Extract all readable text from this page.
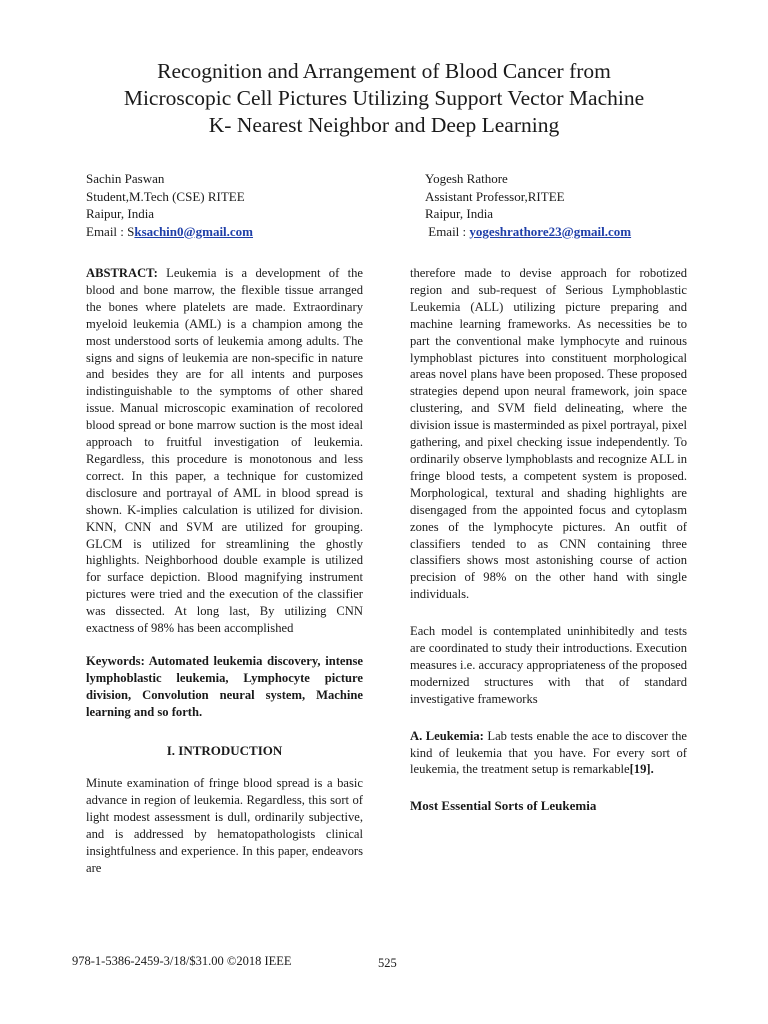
Recognition and Arrangement of Blood Cancer from
Microscopic Cell Pictures Utilizing Support Vector Machine
K- Nearest Neighbor and Deep Learning
Sachin Paswan
Student,M.Tech (CSE) RITEE
Raipur, India
Email : Sksachin0@gmail.com
Yogesh Rathore
Assistant Professor,RITEE
Raipur, India
Email : yogeshrathore23@gmail.com

ABSTRACT: Leukemia is a development of the blood and bone marrow, the flexible tissue arranged the bones where platelets are made. Extraordinary myeloid leukemia (AML) is a champion among the most understood sorts of leukemia among adults. The signs and signs of leukemia are non-specific in nature and besides they are for all intents and purposes indistinguishable to the symptoms of other shared issue. Manual microscopic examination of recolored blood spread or bone marrow suction is the most ideal approach to fruitful investigation of leukemia. Regardless, this procedure is monotonous and less correct. In this paper, a technique for customized disclosure and portrayal of AML in blood spread is shown. K-implies calculation is utilized for division. KNN, CNN and SVM are utilized for grouping. GLCM is utilized for streamlining the ghostly highlights. Neighborhood double example is utilized for surface depiction. Blood magnifying instrument pictures were tried and the execution of the classifier was dissected. At long last, By utilizing CNN exactness of 98% has been accomplished

Keywords: Automated leukemia discovery, intense lymphoblastic leukemia, Lymphocyte picture division, Convolution neural system, Machine learning and so forth.

I. INTRODUCTION

Minute examination of fringe blood spread is a basic advance in region of leukemia. Regardless, this sort of light modest assessment is dull, ordinarily subjective, and is addressed by hematopathologists clinical insightfulness and experience. In this paper, endeavors are

therefore made to devise approach for robotized region and sub-request of Serious Lymphoblastic Leukemia (ALL) utilizing picture preparing and machine learning frameworks. As necessities be to part the conventional make lymphocyte and ruinous lymphoblast pictures into constituent morphological areas novel plans have been proposed. These proposed strategies depend upon neural framework, join space clustering, and SVM field delineating, where the division issue is masterminded as pixel portrayal, pixel gathering, and pixel checking issue independently. To ordinarily observe lymphoblasts and recognize ALL in fringe blood tests, a competent system is proposed. Morphological, textural and shading highlights are disengaged from the appointed focus and cytoplasm zones of the lymphocyte pictures. An outfit of classifiers tended to as CNN containing three classifiers shows most astonishing course of action precision of 98% on the other hand with single individuals.

Each model is contemplated uninhibitedly and tests are coordinated to study their introductions. Execution measures i.e. accuracy appropriateness of the proposed modernized structures with that of standard investigative frameworks

A. Leukemia: Lab tests enable the ace to discover the kind of leukemia that you have. For every sort of leukemia, the treatment setup is remarkable[19].

Most Essential Sorts of Leukemia

978-1-5386-2459-3/18/$31.00 ©2018 IEEE	525
